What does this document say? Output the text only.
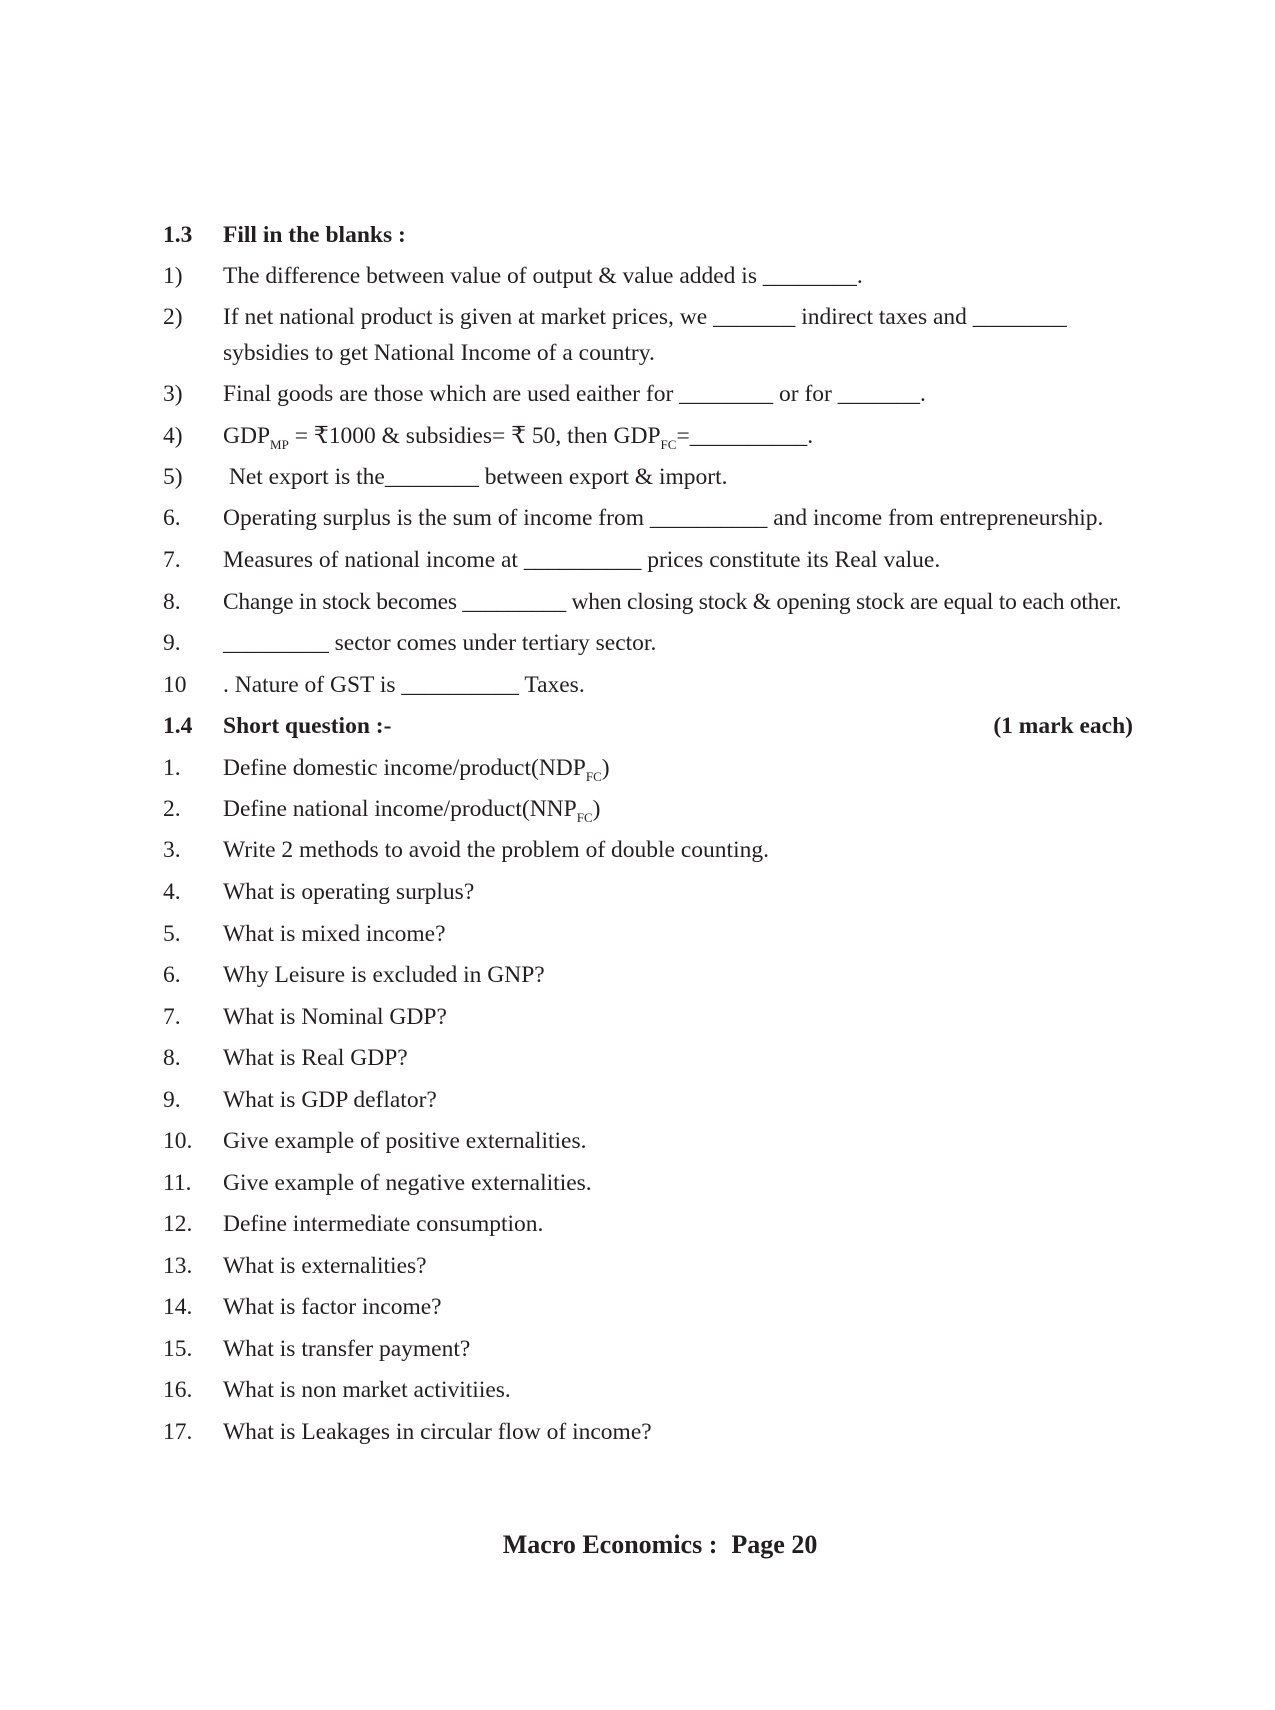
1.3 Fill in the blanks :
1) The difference between value of output & value added is ________.
2) If net national product is given at market prices, we _______ indirect taxes and ________
sybsidies to get National Income of a country.
3) Final goods are those which are used eaither for ________ or for _______.
4) $GDP_{MP}$ = ₹1000 & subsidies= ₹ 50, then $GDP_{FC}=\_\_\_\_\_\_\_\_\_\_$.
5) Net export is the________ between export & import.
6. Operating surplus is the sum of income from __________ and income from entrepreneurship.
7. Measures of national income at __________ prices constitute its Real value.
8. Change in stock becomes _________ when closing stock & opening stock are equal to each other.
9. _________ sector comes under tertiary sector.
10 . Nature of GST is __________ Taxes.
1.4 Short question :-	(1 mark each)
1. Define domestic income/$product(NDP_{FC})$
2. Define national income/$product(NNP_{FC})$
3. Write 2 methods to avoid the problem of double counting.
4. What is operating surplus?
5. What is mixed income?
6. Why Leisure is excluded in GNP?
7. What is Nominal GDP?
8. What is Real GDP?
9. What is GDP deflator?
10. Give example of positive externalities.
11. Give example of negative externalities.
12. Define intermediate consumption.
13. What is externalities?
14. What is factor income?
15. What is transfer payment?
16. What is non market activitiies.
17. What is Leakages in circular flow of income?
Macro Economics : Page 20
